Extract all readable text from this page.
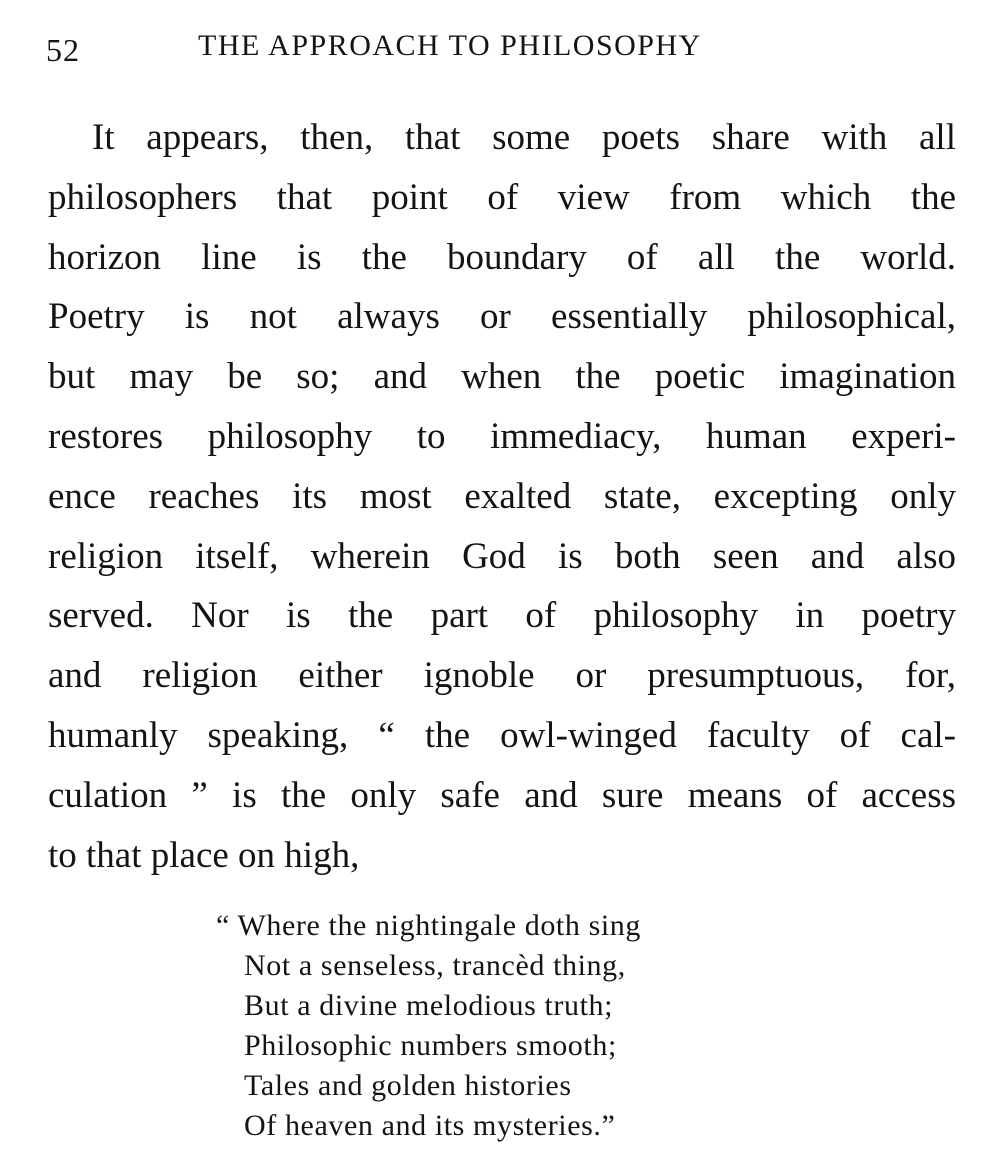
52	THE APPROACH TO PHILOSOPHY
It appears, then, that some poets share with all
philosophers that point of view from which the
horizon line is the boundary of all the world.
Poetry is not always or essentially philosophical,
but may be so; and when the poetic imagination
restores philosophy to immediacy, human experi-
ence reaches its most exalted state, excepting only
religion itself, wherein God is both seen and also
served. Nor is the part of philosophy in poetry
and religion either ignoble or presumptuous, for,
humanly speaking, “ the owl-winged faculty of cal-
culation ” is the only safe and sure means of access
to that place on high,
“ Where the nightingale doth sing
Not a senseless, trancèd thing,
But a divine melodious truth;
Philosophic numbers smooth;
Tales and golden histories
Of heaven and its mysteries.”
